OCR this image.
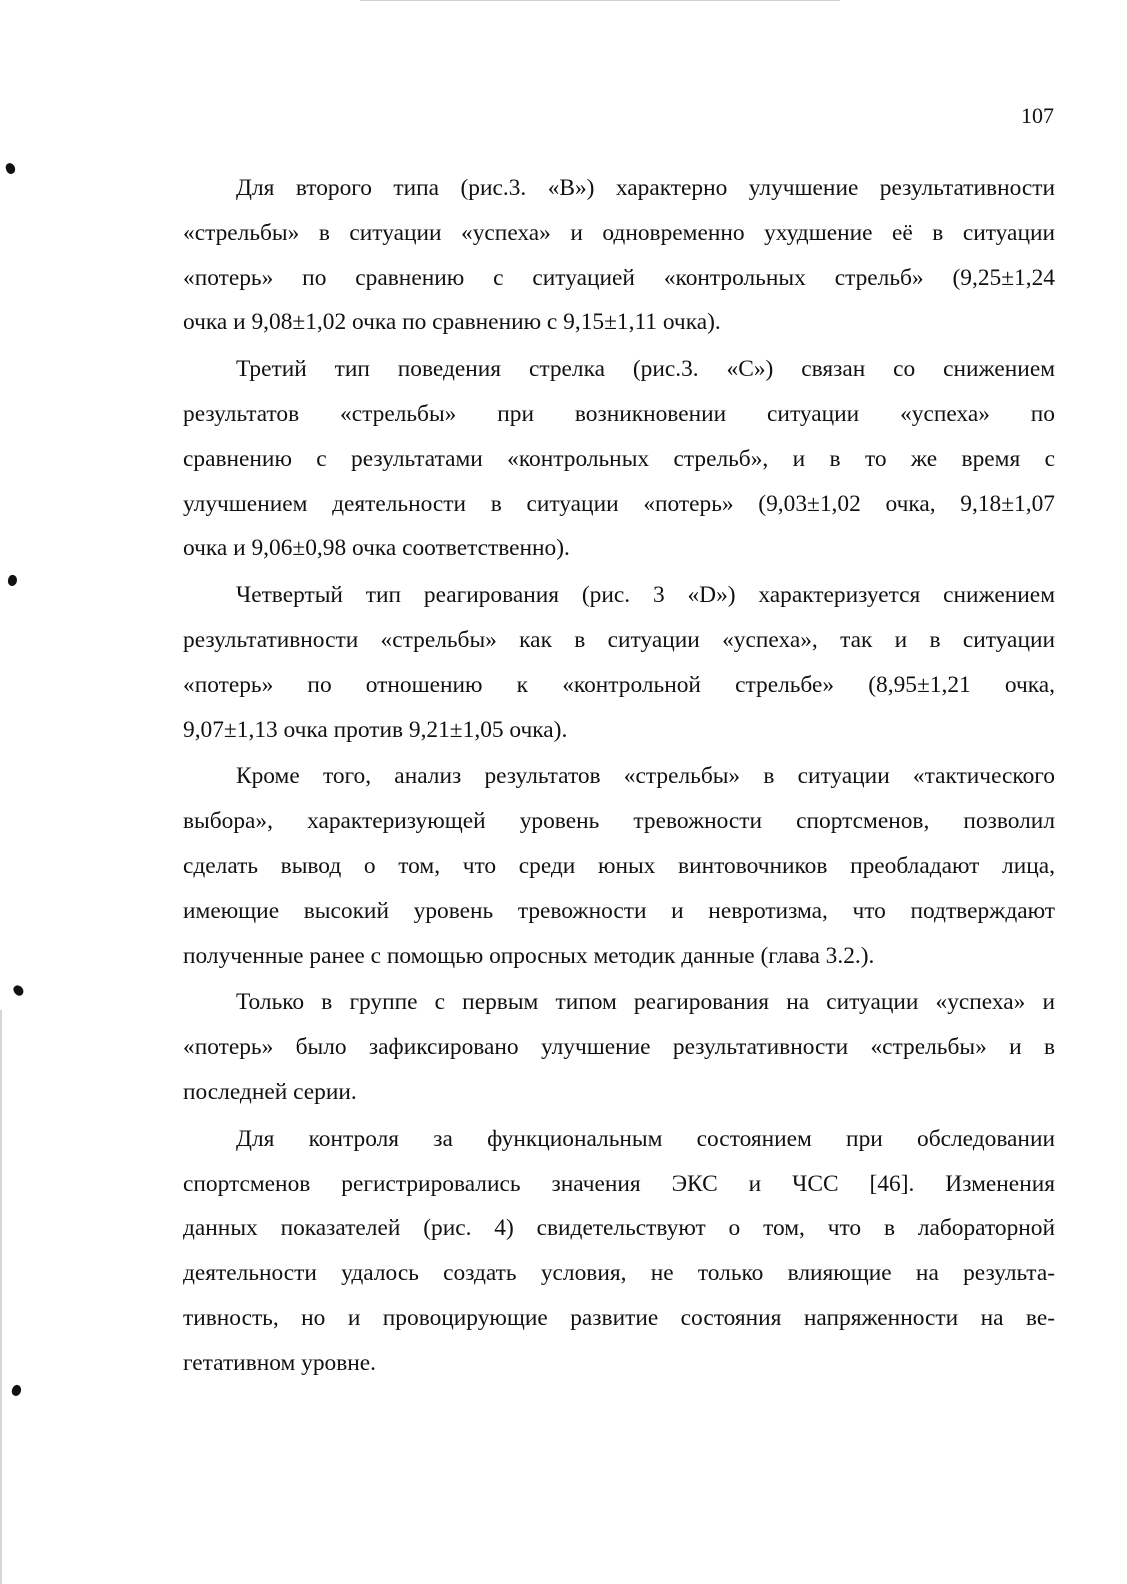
107

Для второго типа (рис.3. «В») характерно улучшение результативности
«стрельбы» в ситуации «успеха» и одновременно ухудшение её в ситуации
«потерь» по сравнению с ситуацией «контрольных стрельб» (9,25±1,24
очка и 9,08±1,02 очка по сравнению с 9,15±1,11 очка).

Третий тип поведения стрелка (рис.3. «С») связан со снижением
результатов «стрельбы» при возникновении ситуации «успеха» по
сравнению с результатами «контрольных стрельб», и в то же время с
улучшением деятельности в ситуации «потерь» (9,03±1,02 очка, 9,18±1,07
очка и 9,06±0,98 очка соответственно).

Четвертый тип реагирования (рис. 3 «D») характеризуется снижением
результативности «стрельбы» как в ситуации «успеха», так и в ситуации
«потерь» по отношению к «контрольной стрельбе» (8,95±1,21 очка,
9,07±1,13 очка против 9,21±1,05 очка).

Кроме того, анализ результатов «стрельбы» в ситуации «тактического
выбора», характеризующей уровень тревожности спортсменов, позволил
сделать вывод о том, что среди юных винтовочников преобладают лица,
имеющие высокий уровень тревожности и невротизма, что подтверждают
полученные ранее с помощью опросных методик данные (глава 3.2.).

Только в группе с первым типом реагирования на ситуации «успеха» и
«потерь» было зафиксировано улучшение результативности «стрельбы» и в
последней серии.

Для контроля за функциональным состоянием при обследовании
спортсменов регистрировались значения ЭКС и ЧСС [46]. Изменения
данных показателей (рис. 4) свидетельствуют о том, что в лабораторной
деятельности удалось создать условия, не только влияющие на результа-
тивность, но и провоцирующие развитие состояния напряженности на ве-
гетативном уровне.
